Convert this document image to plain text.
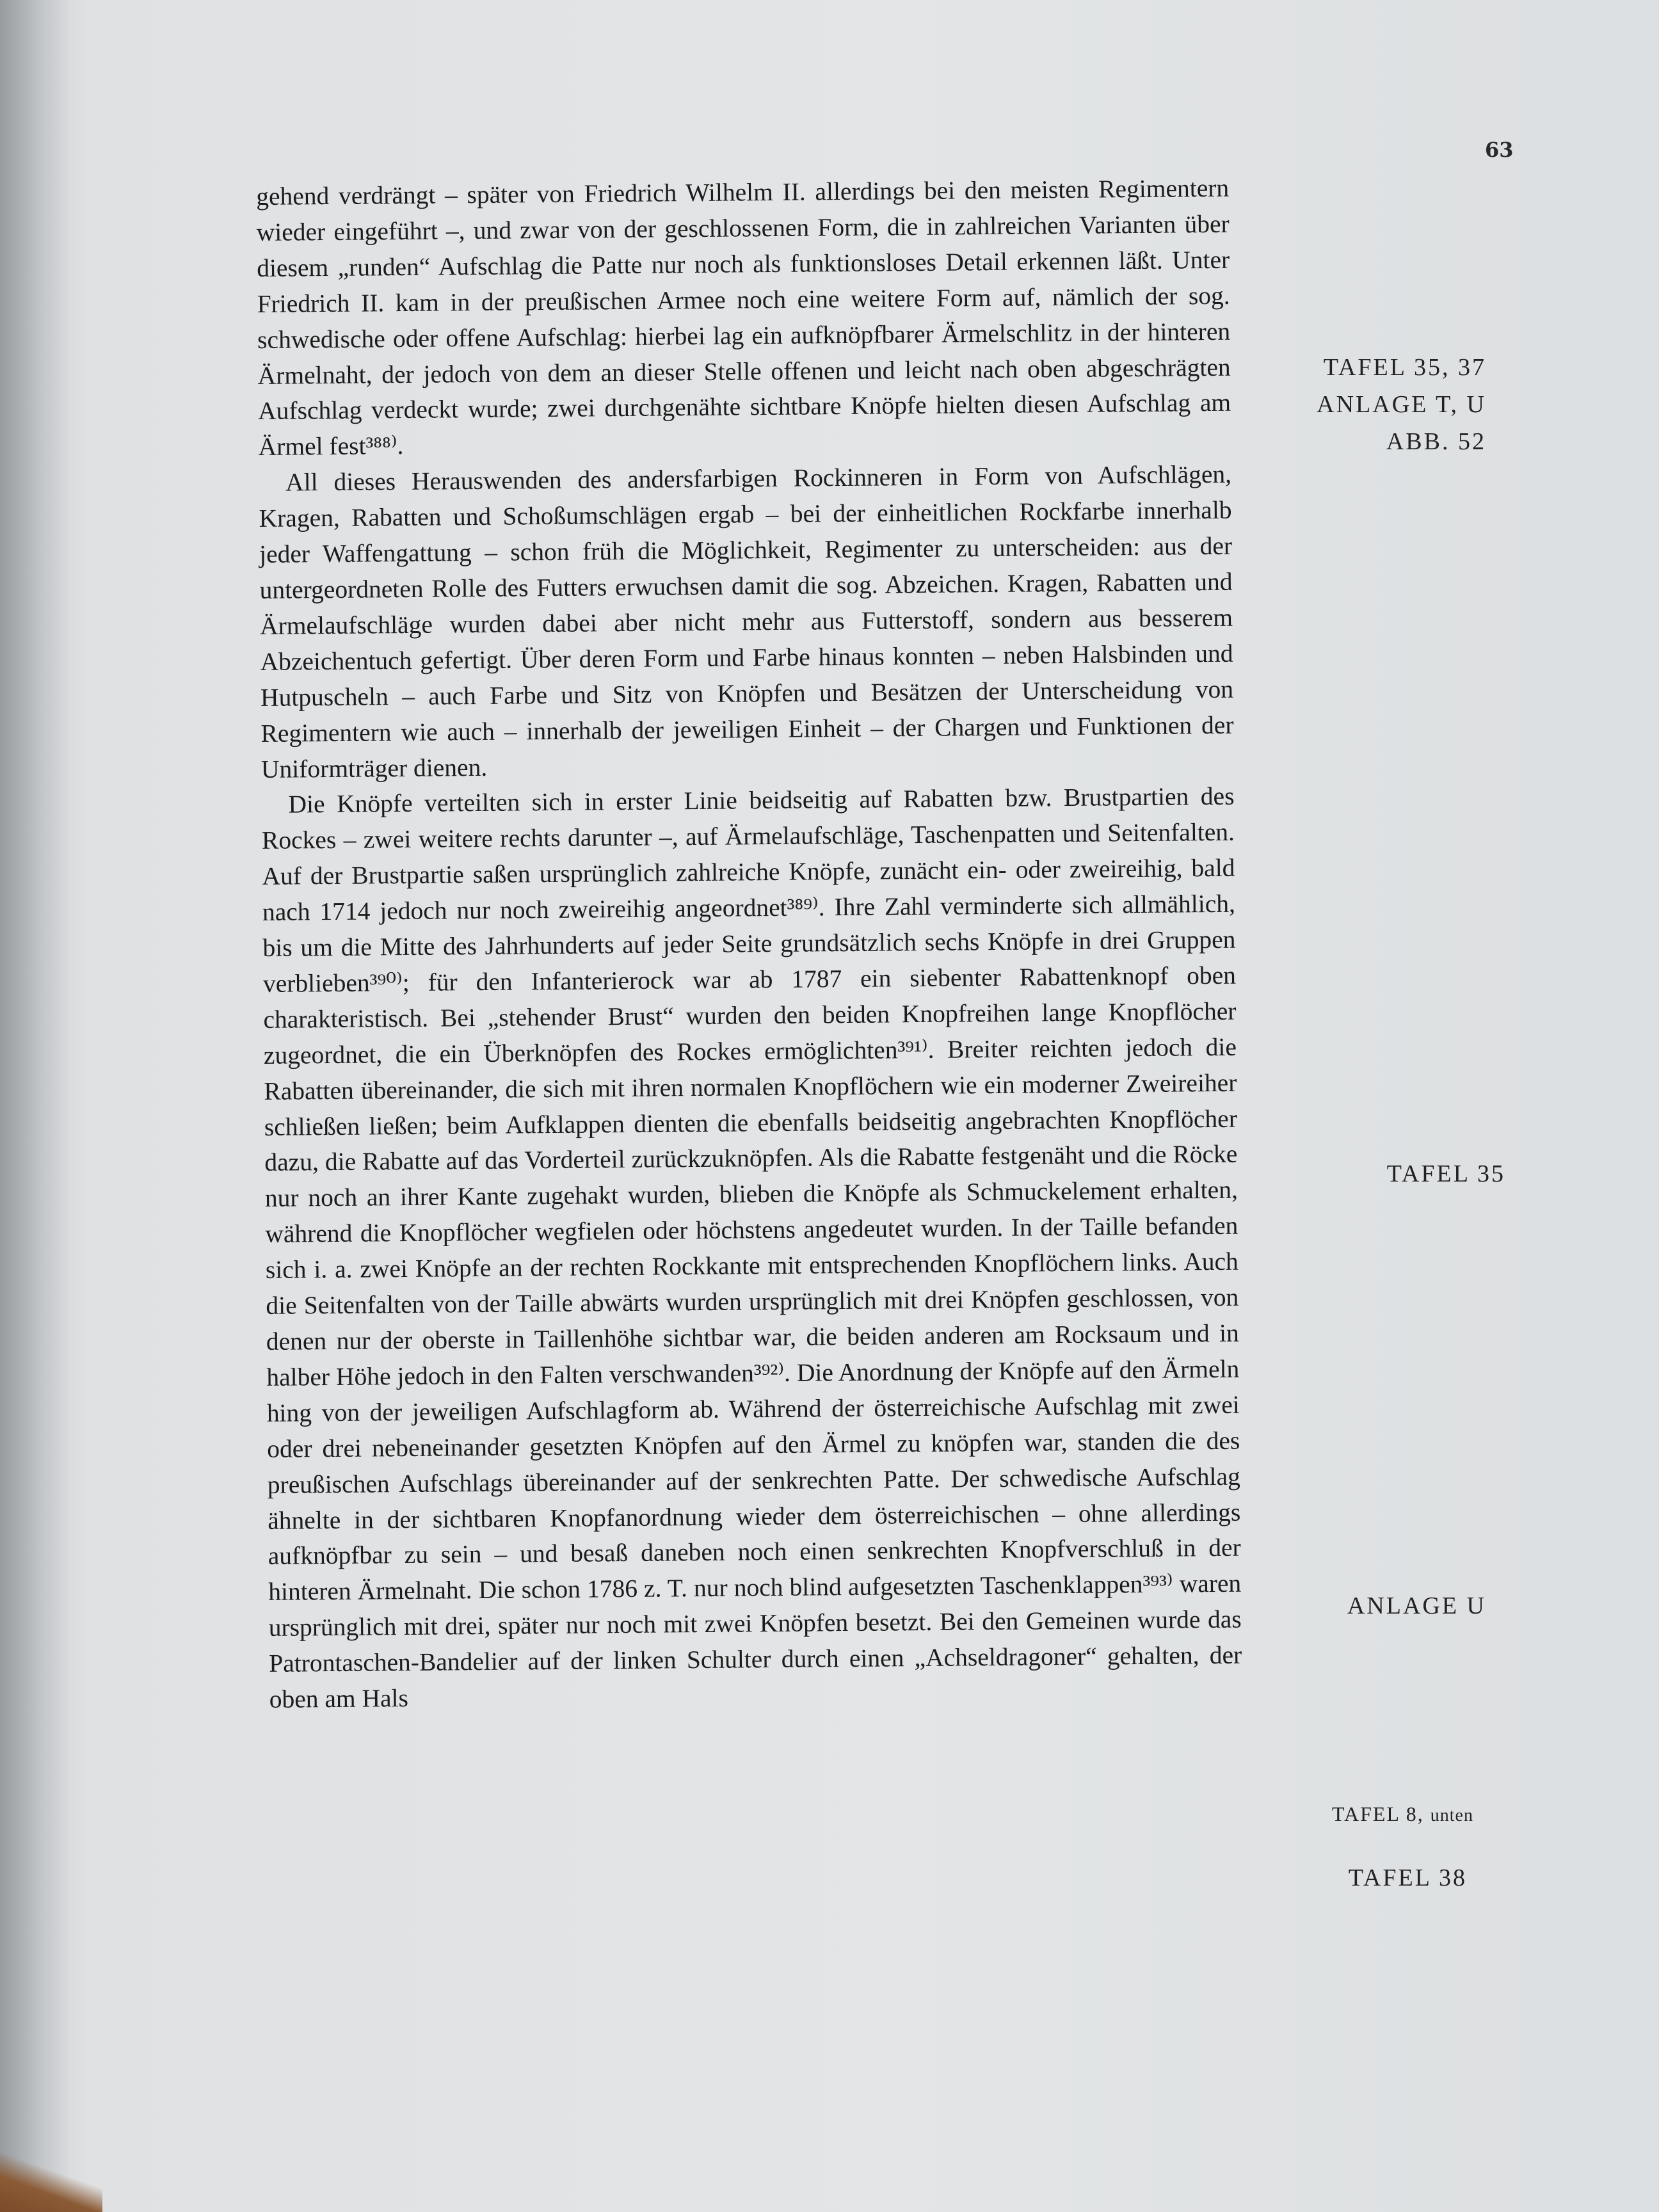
63

gehend verdrängt – später von Friedrich Wilhelm II. allerdings bei den meisten Regimentern wieder eingeführt –, und zwar von der geschlossenen Form, die in zahlreichen Varianten über diesem „runden“ Aufschlag die Patte nur noch als funktionsloses Detail erkennen läßt. Unter Friedrich II. kam in der preußischen Armee noch eine weitere Form auf, nämlich der sog. schwedische oder offene Aufschlag: hierbei lag ein aufknöpfbarer Ärmelschlitz in der hinteren Ärmelnaht, der jedoch von dem an dieser Stelle offenen und leicht nach oben abgeschrägten Aufschlag verdeckt wurde; zwei durchgenähte sichtbare Knöpfe hielten diesen Aufschlag am Ärmel fest³⁸⁸⁾.

All dieses Herauswenden des andersfarbigen Rockinneren in Form von Aufschlägen, Kragen, Rabatten und Schoßumschlägen ergab – bei der einheitlichen Rockfarbe innerhalb jeder Waffengattung – schon früh die Möglichkeit, Regimenter zu unterscheiden: aus der untergeordneten Rolle des Futters erwuchsen damit die sog. Abzeichen. Kragen, Rabatten und Ärmelaufschläge wurden dabei aber nicht mehr aus Futterstoff, sondern aus besserem Abzeichentuch gefertigt. Über deren Form und Farbe hinaus konnten – neben Halsbinden und Hutpuscheln – auch Farbe und Sitz von Knöpfen und Besätzen der Unterscheidung von Regimentern wie auch – innerhalb der jeweiligen Einheit – der Chargen und Funktionen der Uniformträger dienen.

Die Knöpfe verteilten sich in erster Linie beidseitig auf Rabatten bzw. Brustpartien des Rockes – zwei weitere rechts darunter –, auf Ärmelaufschläge, Taschenpatten und Seitenfalten. Auf der Brustpartie saßen ursprünglich zahlreiche Knöpfe, zunächt ein- oder zweireihig, bald nach 1714 jedoch nur noch zweireihig angeordnet³⁸⁹⁾. Ihre Zahl verminderte sich allmählich, bis um die Mitte des Jahrhunderts auf jeder Seite grundsätzlich sechs Knöpfe in drei Gruppen verblieben³⁹⁰⁾; für den Infanterierock war ab 1787 ein siebenter Rabattenknopf oben charakteristisch. Bei „stehender Brust“ wurden den beiden Knopfreihen lange Knopflöcher zugeordnet, die ein Überknöpfen des Rockes ermöglichten³⁹¹⁾. Breiter reichten jedoch die Rabatten übereinander, die sich mit ihren normalen Knopflöchern wie ein moderner Zweireiher schließen ließen; beim Aufklappen dienten die ebenfalls beidseitig angebrachten Knopflöcher dazu, die Rabatte auf das Vorderteil zurückzuknöpfen. Als die Rabatte festgenäht und die Röcke nur noch an ihrer Kante zugehakt wurden, blieben die Knöpfe als Schmuckelement erhalten, während die Knopflöcher wegfielen oder höchstens angedeutet wurden. In der Taille befanden sich i. a. zwei Knöpfe an der rechten Rockkante mit entsprechenden Knopflöchern links. Auch die Seitenfalten von der Taille abwärts wurden ursprünglich mit drei Knöpfen geschlossen, von denen nur der oberste in Taillenhöhe sichtbar war, die beiden anderen am Rocksaum und in halber Höhe jedoch in den Falten verschwanden³⁹²⁾. Die Anordnung der Knöpfe auf den Ärmeln hing von der jeweiligen Aufschlagform ab. Während der österreichische Aufschlag mit zwei oder drei nebeneinander gesetzten Knöpfen auf den Ärmel zu knöpfen war, standen die des preußischen Aufschlags übereinander auf der senkrechten Patte. Der schwedische Aufschlag ähnelte in der sichtbaren Knopfanordnung wieder dem österreichischen – ohne allerdings aufknöpfbar zu sein – und besaß daneben noch einen senkrechten Knopfverschluß in der hinteren Ärmelnaht. Die schon 1786 z. T. nur noch blind aufgesetzten Taschenklappen³⁹³⁾ waren ursprünglich mit drei, später nur noch mit zwei Knöpfen besetzt. Bei den Gemeinen wurde das Patrontaschen-Bandelier auf der linken Schulter durch einen „Achseldragoner“ gehalten, der oben am Hals

TAFEL 35, 37
ANLAGE T, U
ABB. 52
TAFEL 35
ANLAGE U
TAFEL 8, unten
TAFEL 38
